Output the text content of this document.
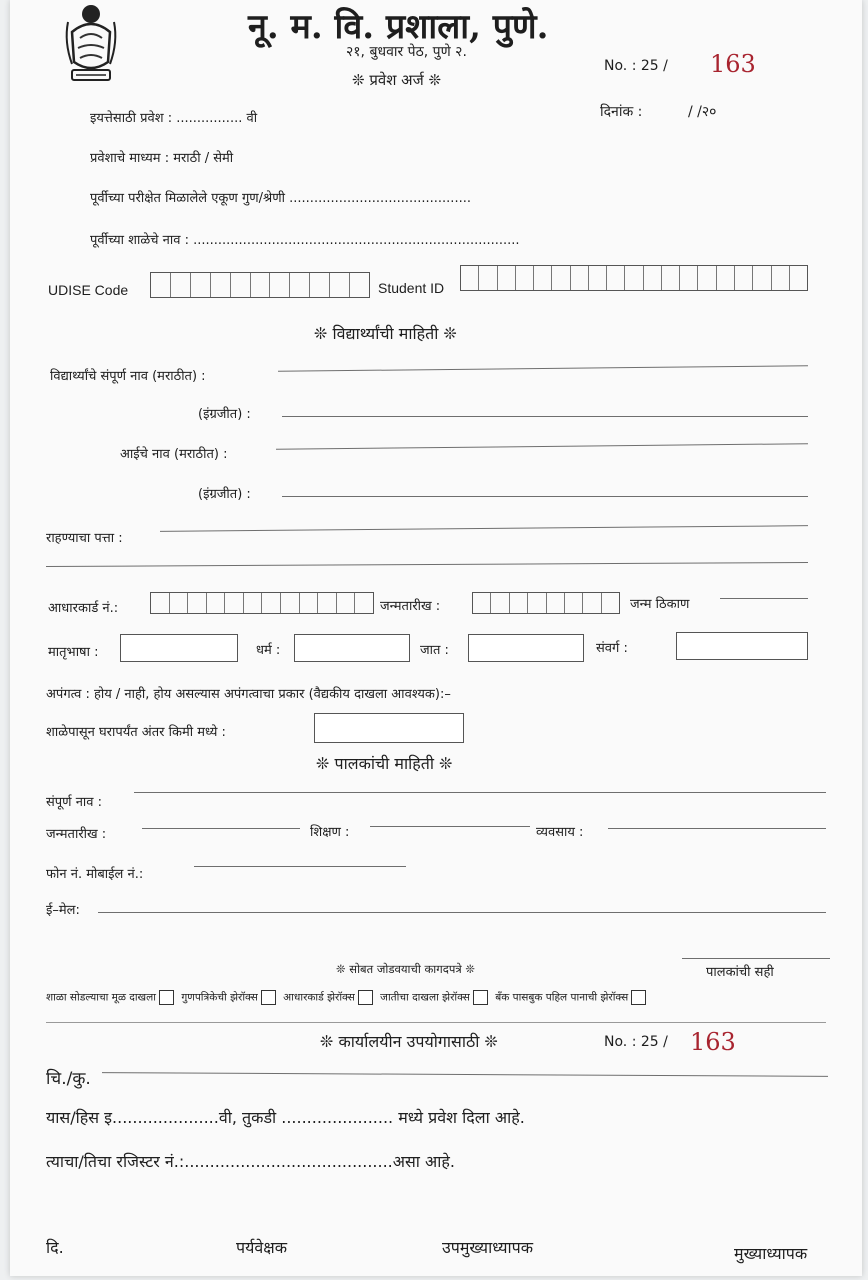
नू. म. वि. प्रशाला, पुणे.
२१, बुधवार पेठ, पुणे २.
❊ प्रवेश अर्ज ❊
No. : 25 / 163
इयत्तेसाठी प्रवेश : ................ वी	दिनांक :	/ /२०
प्रवेशाचे माध्यम : मराठी / सेमी
पूर्वीच्या परीक्षेत मिळालेले एकूण गुण/श्रेणी ............................................
पूर्वीच्या शाळेचे नाव : ...............................................................................
UDISE Code	Student ID
❊ विद्यार्थ्यांची माहिती ❊
विद्यार्थ्यांचे संपूर्ण नाव (मराठीत) :
(इंग्रजीत) :
आईचे नाव (मराठीत) :
(इंग्रजीत) :
राहण्याचा पत्ता :
आधारकार्ड नं.:	जन्मतारीख :	जन्म ठिकाण
मातृभाषा :	धर्म :	जात :	संवर्ग :
अपंगत्व : होय / नाही, होय असल्यास अपंगत्वाचा प्रकार (वैद्यकीय दाखला आवश्यक):–
शाळेपासून घरापर्यंत अंतर किमी मध्ये :
❊ पालकांची माहिती ❊
संपूर्ण नाव :
जन्मतारीख :	शिक्षण :	व्यवसाय :
फोन नं. मोबाईल नं.:
ई–मेल:
❊ सोबत जोडवयाची कागदपत्रे ❊	पालकांची सही
शाळा सोडल्याचा मूळ दाखला गुणपत्रिकेची झेरॉक्स आधारकार्ड झेरॉक्स जातीचा दाखला झेरॉक्स बँक पासबुक पहिल पानाची झेरॉक्स
❊ कार्यालयीन उपयोगासाठी ❊	No. : 25 / 163
चि./कु.
यास/हिस इ.....................वी, तुकडी ...................... मध्ये प्रवेश दिला आहे.
त्याचा/तिचा रजिस्टर नं.:.........................................असा आहे.
दि.	पर्यवेक्षक	उपमुख्याध्यापक	मुख्याध्यापक
